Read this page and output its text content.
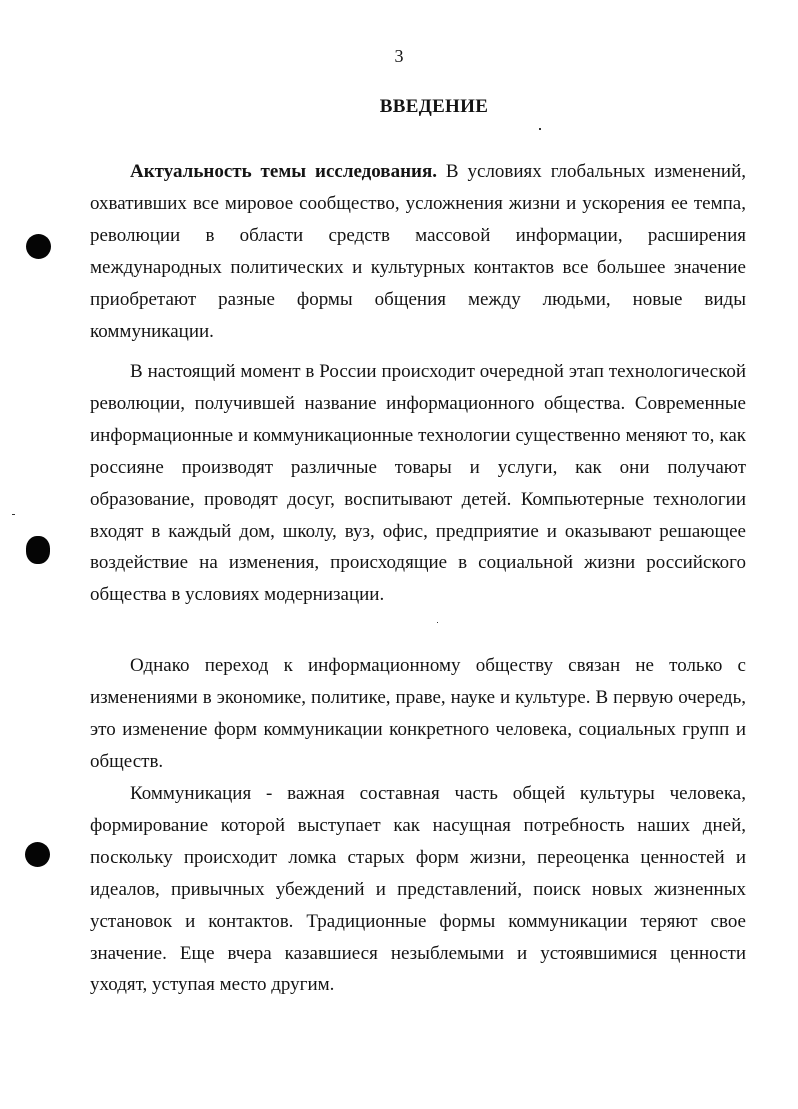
3
ВВЕДЕНИЕ

Актуальность темы исследования. В условиях глобальных изменений, охвативших все мировое сообщество, усложнения жизни и ускорения ее темпа, революции в области средств массовой информации, расширения международных политических и культурных контактов все большее значение приобретают разные формы общения между людьми, новые виды коммуникации.

В настоящий момент в России происходит очередной этап технологической революции, получившей название информационного общества. Современные информационные и коммуникационные технологии существенно меняют то, как россияне производят различные товары и услуги, как они получают образование, проводят досуг, воспитывают детей. Компьютерные технологии входят в каждый дом, школу, вуз, офис, предприятие и оказывают решающее воздействие на изменения, происходящие в социальной жизни российского общества в условиях модернизации.

Однако переход к информационному обществу связан не только с изменениями в экономике, политике, праве, науке и культуре. В первую очередь, это изменение форм коммуникации конкретного человека, социальных групп и обществ.

Коммуникация - важная составная часть общей культуры человека, формирование которой выступает как насущная потребность наших дней, поскольку происходит ломка старых форм жизни, переоценка ценностей и идеалов, привычных убеждений и представлений, поиск новых жизненных установок и контактов. Традиционные формы коммуникации теряют свое значение. Еще вчера казавшиеся незыблемыми и устоявшимися ценности уходят, уступая место другим.
